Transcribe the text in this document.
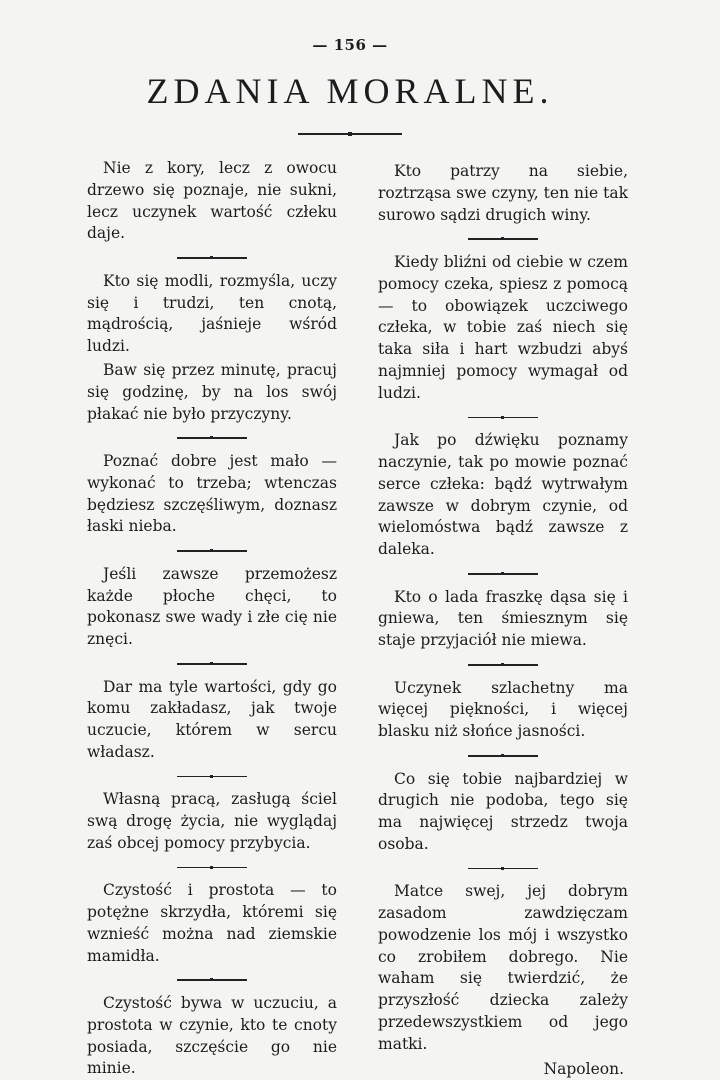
— 156 —
ZDANIA MORALNE.
Nie z kory, lecz z owocu drzewo się poznaje, nie sukni, lecz uczynek wartość człeku daje.
Kto się modli, rozmyśla, uczy się i trudzi, ten cnotą, mądrością, jaśnieje wśród ludzi.
Baw się przez minutę, pracuj się godzinę, by na los swój płakać nie było przyczyny.
Poznać dobre jest mało — wykonać to trzeba; wtenczas będziesz szczęśliwym, doznasz łaski nieba.
Jeśli zawsze przemożesz każde płoche chęci, to pokonasz swe wady i złe cię nie znęci.
Dar ma tyle wartości, gdy go komu zakładasz, jak twoje uczucie, którem w sercu władasz.
Własną pracą, zasługą ściel swą drogę życia, nie wyglądaj zaś obcej pomocy przybycia.
Czystość i prostota — to potężne skrzydła, któremi się wznieść można nad ziemskie mamidła.
Czystość bywa w uczuciu, a prostota w czynie, kto te cnoty posiada, szczęście go nie minie.
Kto patrzy na siebie, roztrząsa swe czyny, ten nie tak surowo sądzi drugich winy.
Kiedy bliźni od ciebie w czem pomocy czeka, spiesz z pomocą — to obowiązek uczciwego człeka, w tobie zaś niech się taka siła i hart wzbudzi abyś najmniej pomocy wymagał od ludzi.
Jak po dźwięku poznamy naczynie, tak po mowie poznać serce człeka: bądź wytrwałym zawsze w dobrym czynie, od wielomóstwa bądź zawsze z daleka.
Kto o lada fraszkę dąsa się i gniewa, ten śmiesznym się staje przyjaciół nie miewa.
Uczynek szlachetny ma więcej piękności, i więcej blasku niż słońce jasności.
Co się tobie najbardziej w drugich nie podoba, tego się ma najwięcej strzedz twoja osoba.
Matce swej, jej dobrym zasadom zawdzięczam powodzenie los mój i wszystko co zrobiłem dobrego. Nie waham się twierdzić, że przyszłość dziecka zależy przedewszystkiem od jego matki.
Napoleon.
